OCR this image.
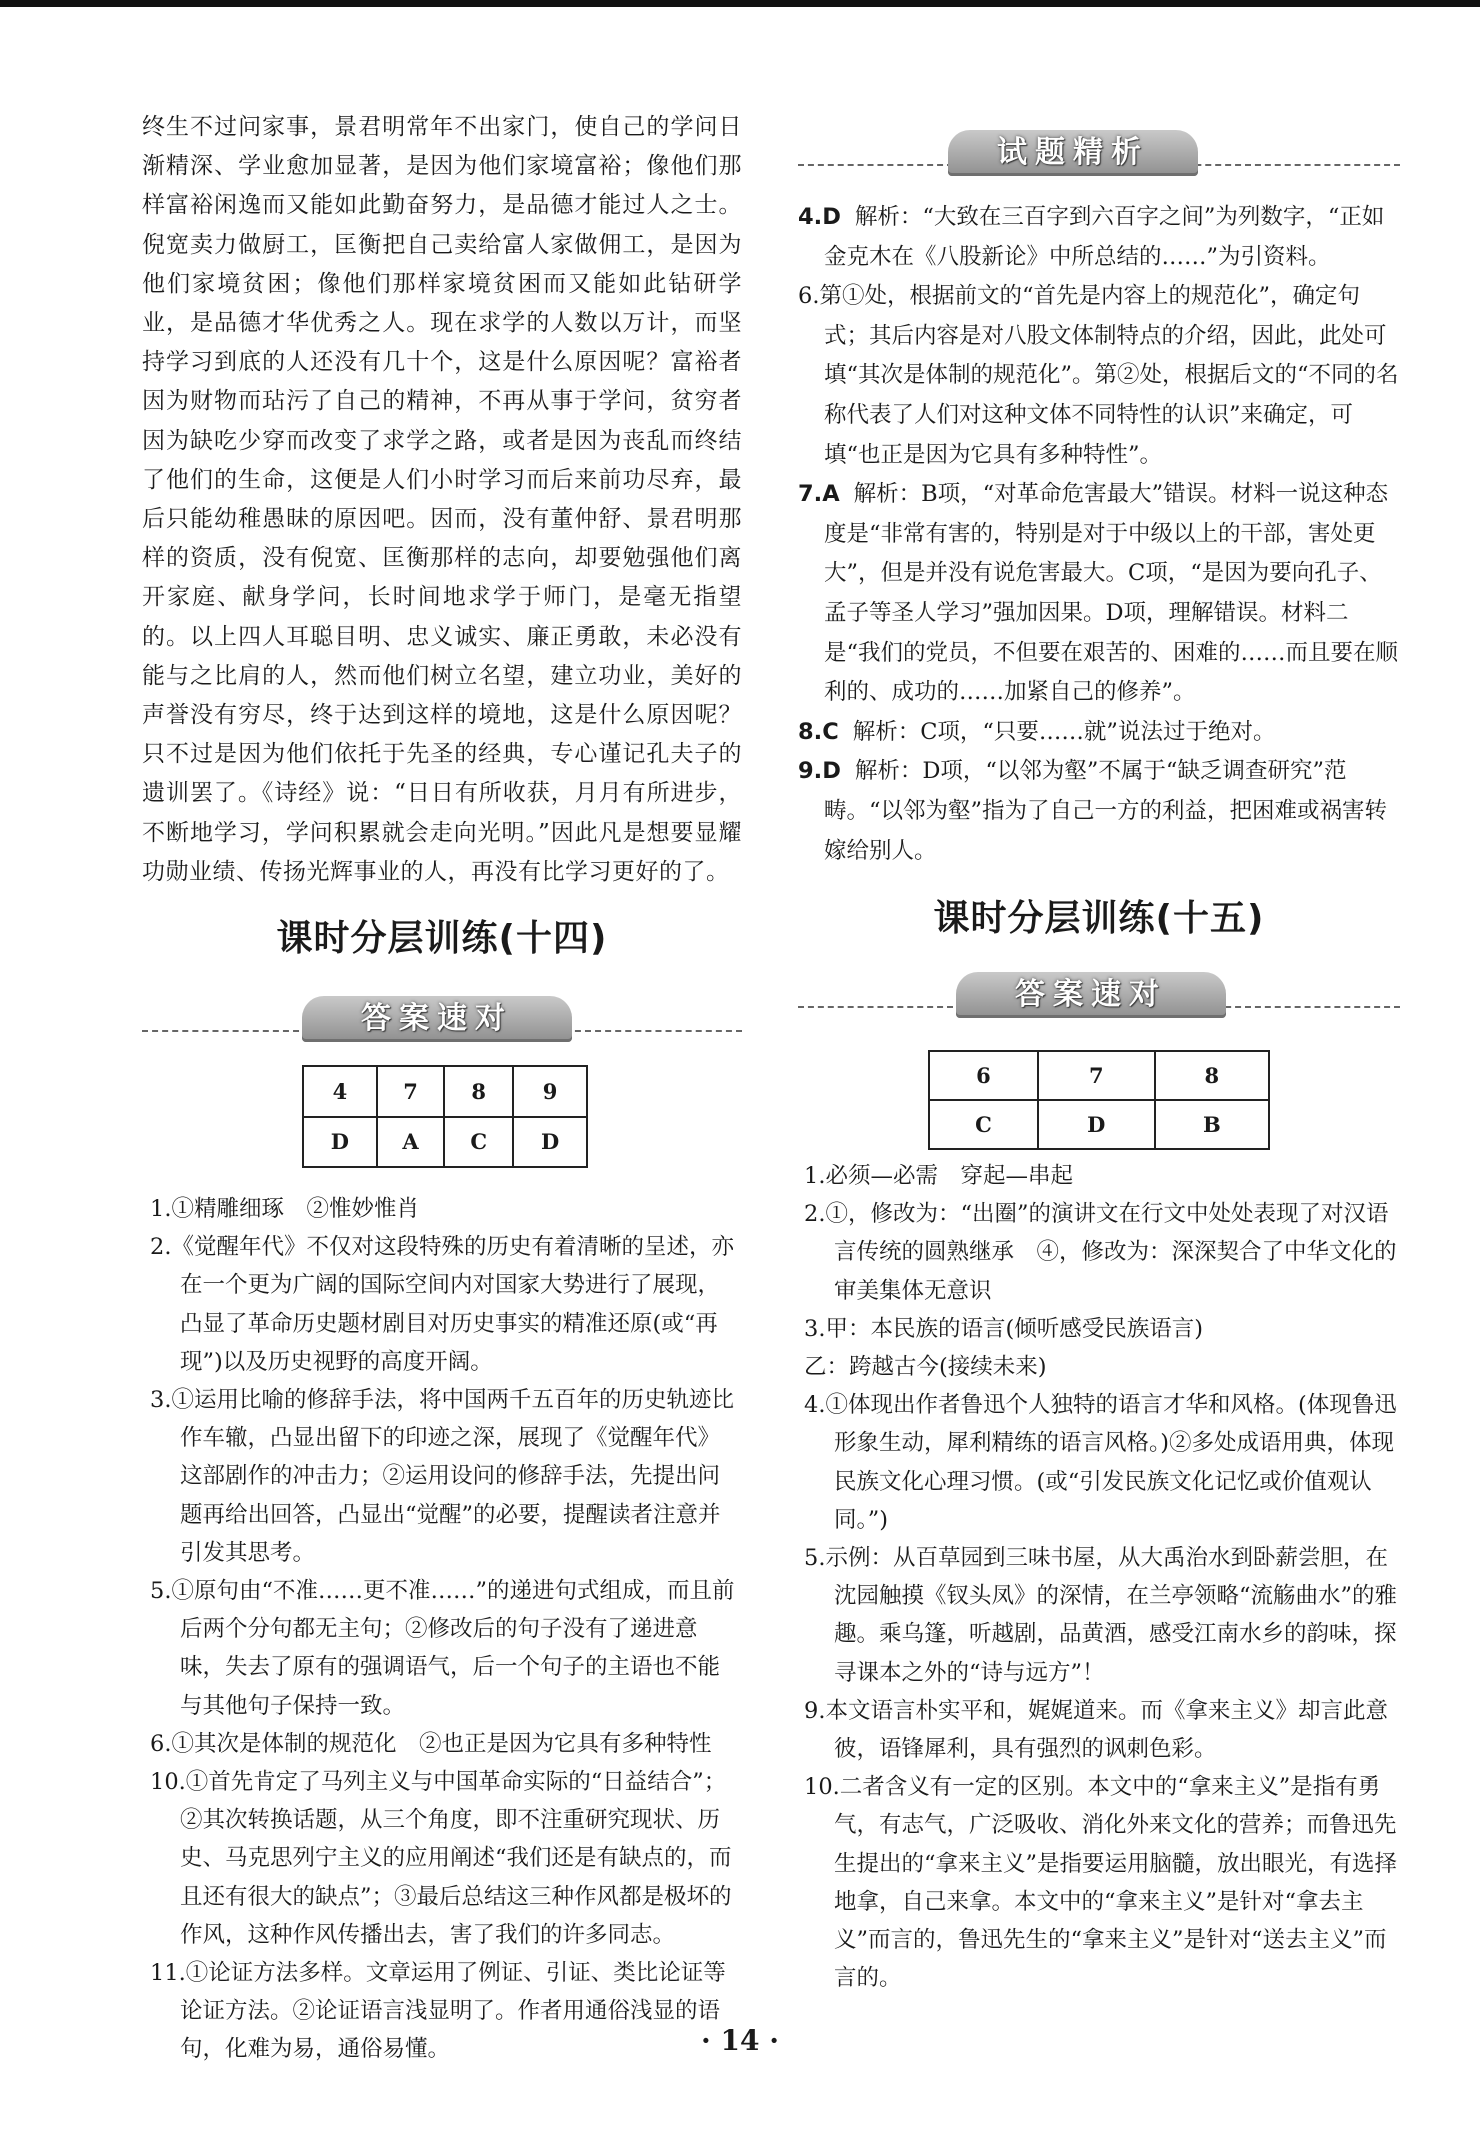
终生不过问家事，景君明常年不出家门，使自己的学问日渐精深、学业愈加显著，是因为他们家境富裕；像他们那样富裕闲逸而又能如此勤奋努力，是品德才能过人之士。倪宽卖力做厨工，匡衡把自己卖给富人家做佣工，是因为他们家境贫困；像他们那样家境贫困而又能如此钻研学业，是品德才华优秀之人。现在求学的人数以万计，而坚持学习到底的人还没有几十个，这是什么原因呢？富裕者因为财物而玷污了自己的精神，不再从事于学问，贫穷者因为缺吃少穿而改变了求学之路，或者是因为丧乱而终结了他们的生命，这便是人们小时学习而后来前功尽弃，最后只能幼稚愚昧的原因吧。因而，没有董仲舒、景君明那样的资质，没有倪宽、匡衡那样的志向，却要勉强他们离开家庭、献身学问，长时间地求学于师门，是毫无指望的。以上四人耳聪目明、忠义诚实、廉正勇敢，未必没有能与之比肩的人，然而他们树立名望，建立功业，美好的声誉没有穷尽，终于达到这样的境地，这是什么原因呢？只不过是因为他们依托于先圣的经典，专心谨记孔夫子的遗训罢了。《诗经》说：“日日有所收获，月月有所进步，不断地学习，学问积累就会走向光明。”因此凡是想要显耀功勋业绩、传扬光辉事业的人，再没有比学习更好的了。
课时分层训练(十四)
答案速对
4	7	8	9
D	A	C	D

1.①精雕细琢　②惟妙惟肖

2.《觉醒年代》不仅对这段特殊的历史有着清晰的呈述，亦在一个更为广阔的国际空间内对国家大势进行了展现，凸显了革命历史题材剧目对历史事实的精准还原(或“再现”)以及历史视野的高度开阔。

3.①运用比喻的修辞手法，将中国两千五百年的历史轨迹比作车辙，凸显出留下的印迹之深，展现了《觉醒年代》这部剧作的冲击力；②运用设问的修辞手法，先提出问题再给出回答，凸显出“觉醒”的必要，提醒读者注意并引发其思考。

5.①原句由“不准……更不准……”的递进句式组成，而且前后两个分句都无主句；②修改后的句子没有了递进意味，失去了原有的强调语气，后一个句子的主语也不能与其他句子保持一致。

6.①其次是体制的规范化　②也正是因为它具有多种特性

10.①首先肯定了马列主义与中国革命实际的“日益结合”；②其次转换话题，从三个角度，即不注重研究现状、历史、马克思列宁主义的应用阐述“我们还是有缺点的，而且还有很大的缺点”；③最后总结这三种作风都是极坏的作风，这种作风传播出去，害了我们的许多同志。

11.①论证方法多样。文章运用了例证、引证、类比论证等论证方法。②论证语言浅显明了。作者用通俗浅显的语句，化难为易，通俗易懂。

试题精析

4.D 解析：“大致在三百字到六百字之间”为列数字，“正如金克木在《八股新论》中所总结的……”为引资料。

6.第①处，根据前文的“首先是内容上的规范化”，确定句式；其后内容是对八股文体制特点的介绍，因此，此处可填“其次是体制的规范化”。第②处，根据后文的“不同的名称代表了人们对这种文体不同特性的认识”来确定，可填“也正是因为它具有多种特性”。

7.A 解析：B项，“对革命危害最大”错误。材料一说这种态度是“非常有害的，特别是对于中级以上的干部，害处更大”，但是并没有说危害最大。C项，“是因为要向孔子、孟子等圣人学习”强加因果。D项，理解错误。材料二是“我们的党员，不但要在艰苦的、困难的……而且要在顺利的、成功的……加紧自己的修养”。

8.C 解析：C项，“只要……就”说法过于绝对。

9.D 解析：D项，“以邻为壑”不属于“缺乏调查研究”范畴。“以邻为壑”指为了自己一方的利益，把困难或祸害转嫁给别人。

课时分层训练(十五)
答案速对
6	7	8
C	D	B

1.必须—必需　穿起—串起

2.①，修改为：“出圈”的演讲文在行文中处处表现了对汉语言传统的圆熟继承　④，修改为：深深契合了中华文化的审美集体无意识

3.甲：本民族的语言(倾听感受民族语言)

乙：跨越古今(接续未来)

4.①体现出作者鲁迅个人独特的语言才华和风格。(体现鲁迅形象生动，犀利精练的语言风格。)②多处成语用典，体现民族文化心理习惯。(或“引发民族文化记忆或价值观认同。”)

5.示例：从百草园到三味书屋，从大禹治水到卧薪尝胆，在沈园触摸《钗头凤》的深情，在兰亭领略“流觞曲水”的雅趣。乘乌篷，听越剧，品黄酒，感受江南水乡的韵味，探寻课本之外的“诗与远方”！

9.本文语言朴实平和，娓娓道来。而《拿来主义》却言此意彼，语锋犀利，具有强烈的讽刺色彩。

10.二者含义有一定的区别。本文中的“拿来主义”是指有勇气，有志气，广泛吸收、消化外来文化的营养；而鲁迅先生提出的“拿来主义”是指要运用脑髓，放出眼光，有选择地拿，自己来拿。本文中的“拿来主义”是针对“拿去主义”而言的，鲁迅先生的“拿来主义”是针对“送去主义”而言的。

· 14 ·
